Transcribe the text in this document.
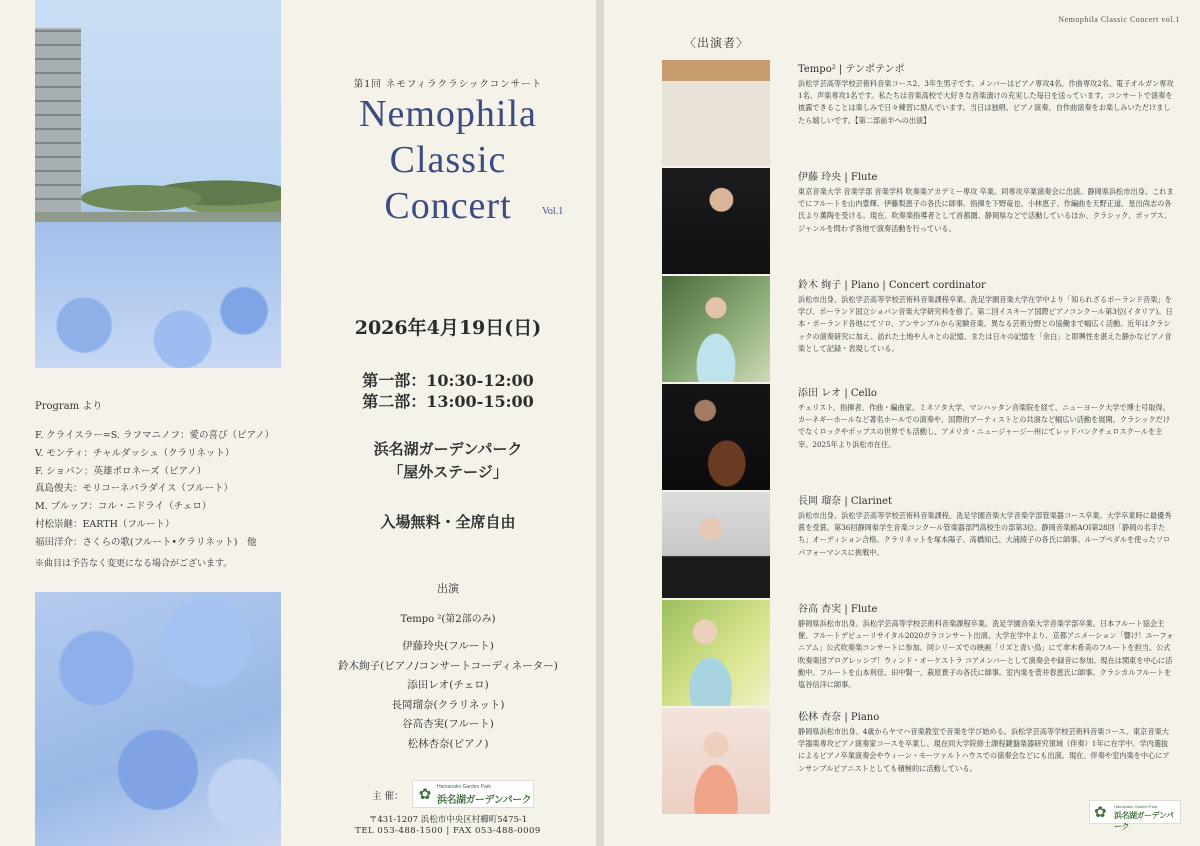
Program より
F. クライスラー=S. ラフマニノフ：愛の喜び（ピアノ）
V. モンティ：チャルダッシュ（クラリネット）
F. ショパン：英雄ポロネーズ（ピアノ）
真島俊夫：モリコーネパラダイス（フルート）
M. ブルッフ：コル・ニドライ（チェロ）
村松崇継：EARTH（フルート）
福田洋介：さくらの歌(フルート•クラリネット)　他
※曲目は予告なく変更になる場合がございます。
第1回 ネモフィラクラシックコンサート
Nemophila
Classic
Concert	Vol.1
2026年4月19日(日)
第一部：10:30-12:00
第二部：13:00-15:00
浜名湖ガーデンパーク
「屋外ステージ」
入場無料・全席自由
出演
Tempo ²(第2部のみ)
伊藤玲央(フルート)
鈴木絢子(ピアノ/コンサートコーディネーター)
添田レオ(チェロ)
長岡瑠奈(クラリネット)
谷高杏実(フルート)
松林杏奈(ピアノ)
主 催： ✿	Hamanako Garden Park
浜名湖ガーデンパーク
〒431-1207 浜松市中央区村櫛町5475-1
TEL 053-488-1500 | FAX 053-488-0009
Nemophila Classic Concert vol.1
〈出演者〉
Tempo² | テンポテンポ
浜松学芸高等学校芸術科音楽コース2、3年生男子です。メンバーはピアノ専攻4名、作曲専攻2名、電子オルガン専攻1名、声楽専攻1名です。私たちは音楽高校で大好きな音楽漬けの充実した毎日を送っています。コンサートで演奏を披露できることは楽しみで日々練習に励んでいます。当日は独唱、ピアノ演奏、自作曲演奏をお楽しみいただけましたら嬉しいです。【第二部前半への出演】
伊藤 玲央 | Flute
東京音楽大学 音楽学部 音楽学科 吹奏楽アカデミー専攻 卒業。同専攻卒業演奏会に出演。静岡県浜松市出身。これまでにフルートを山内豊輝、伊藤梨恵子の各氏に師事。指揮を下野竜也、小林恵子、作編曲を天野正道、星出尚志の各氏より薫陶を受ける。現在、吹奏楽指導者として首都圏、静岡県などで活動しているほか、クラシック、ポップス、ジャンルを問わず各地で演奏活動を行っている。
鈴木 絢子 | Piano | Concert cordinator
浜松市出身、浜松学芸高等学校芸術科音楽課程卒業。洗足学園音楽大学在学中より「知られざるポーランド音楽」を学び、ポーランド国立ショパン音楽大学研究科を修了。第二回イスキーア国際ピアノコンクール第3位(イタリア)。日本・ポーランド各地にてソロ、アンサンブルから実験音楽、異なる芸術分野との協働まで幅広く活動。近年はクラシックの演奏研究に加え、訪れた土地や人々との記憶、または日々の記憶を「余白」と即興性を湛えた静かなピアノ音楽として記録・表現している。
添田 レオ | Cello
チェリスト、指揮者、作曲・編曲家。ミネソタ大学、マンハッタン音楽院を経て、ニューヨーク大学で博士号取得。カーネギーホールなど著名ホールでの演奏や、国際的アーティストとの共演など幅広い活動を展開。クラシックだけでなくロックやポップスの世界でも活動し、アメリカ・ニュージャージー州にてレッドバンクチェロスクールを主宰。2025年より浜松市在住。
長岡 瑠奈 | Clarinet
浜松市出身。浜松学芸高等学校芸術科音楽課程、洗足学園音楽大学音楽学部管楽器コース卒業。大学卒業時に最優秀賞を受賞。第36回静岡県学生音楽コンクール管楽器部門高校生の部第3位。静岡音楽館AOI第28回「静岡の名手たち」オーディション合格。クラリネットを塚本陽子、高橋知己、大浦綾子の各氏に師事。ループペダルを使ったソロパフォーマンスに挑戦中。
谷高 杏実 | Flute
静岡県浜松市出身。浜松学芸高等学校芸術科音楽課程卒業。洗足学園音楽大学音楽学部卒業。日本フルート協会主催、フルートデビューリサイタル2020ガラコンサート出演。大学在学中より、京都アニメーション「響け！ユーフォニアム」公式吹奏楽コンサートに参加。同シリーズでの映画「リズと青い鳥」にて傘木希美のフルートを担当。公式吹奏楽団ブログレッシブ！ウィンド・オーケストラ コアメンバーとして演奏会や録音に参加。現在は関東を中心に活動中。フルートを山本利佳、田中賢一、萩原貴子の各氏に師事。室内楽を菅井春恵氏に師事。クラシカルフルートを塩谷信洋に師事。
松林 杏奈 | Piano
静岡県浜松市出身。4歳からヤマハ音楽教室で音楽を学び始める。浜松学芸高等学校芸術科音楽コース、東京音楽大学器楽専攻ピアノ演奏家コースを卒業し、現在同大学院修士課程鍵盤楽器研究領域（伴奏）1年に在学中。学内選抜によるピアノ卒業演奏会やウィーン・モーツァルトハウスでの演奏会などにも出演。現在、伴奏や室内楽を中心にアンサンブルピアニストとしても積極的に活動している。
✿	Hamanako Garden Park
浜名湖ガーデンパーク
